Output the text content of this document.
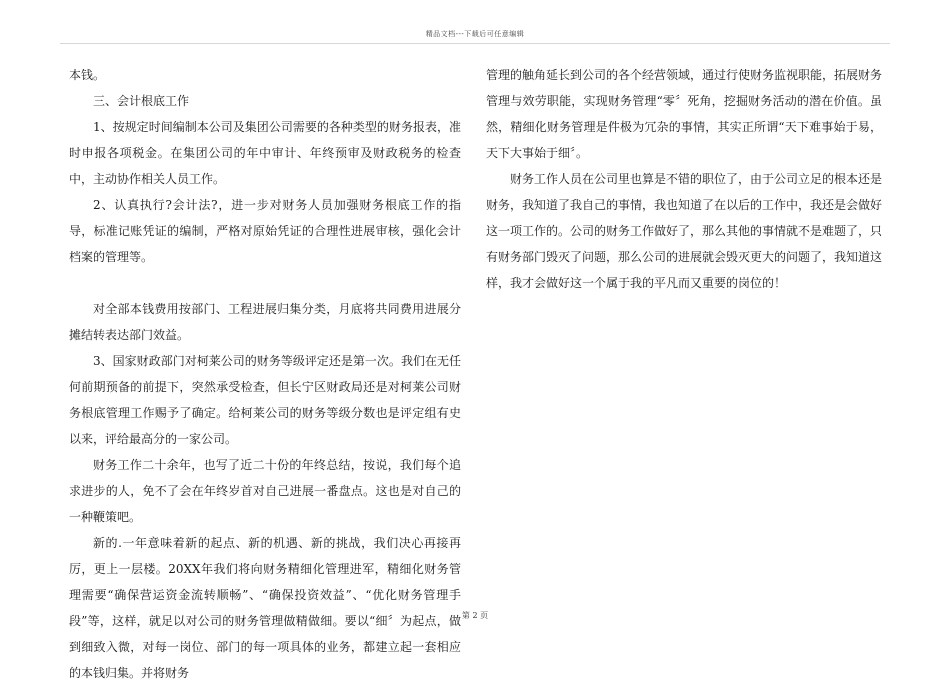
精品文档---下载后可任意编辑

本钱。

三、会计根底工作

1、按规定时间编制本公司及集团公司需要的各种类型的财务报表，准时申报各项税金。在集团公司的年中审计、年终预审及财政税务的检查中，主动协作相关人员工作。

2、认真执行?会计法?，进一步对财务人员加强财务根底工作的指导，标准记账凭证的编制，严格对原始凭证的合理性进展审核，强化会计档案的管理等。

对全部本钱费用按部门、工程进展归集分类，月底将共同费用进展分摊结转表达部门效益。

3、国家财政部门对柯莱公司的财务等级评定还是第一次。我们在无任何前期预备的前提下，突然承受检查，但长宁区财政局还是对柯莱公司财务根底管理工作赐予了确定。给柯莱公司的财务等级分数也是评定组有史以来，评给最高分的一家公司。

财务工作二十余年，也写了近二十份的年终总结，按说，我们每个追求进步的人，免不了会在年终岁首对自己进展一番盘点。这也是对自己的一种鞭策吧。

新的.一年意味着新的起点、新的机遇、新的挑战，我们决心再接再厉，更上一层楼。20XX年我们将向财务精细化管理进军，精细化财务管理需要“确保营运资金流转顺畅”、“确保投资效益”、“优化财务管理手段”等，这样，就足以对公司的财务管理做精做细。要以“细〞为起点，做到细致入微，对每一岗位、部门的每一项具体的业务，都建立起一套相应的本钱归集。并将财务

管理的触角延长到公司的各个经营领域，通过行使财务监视职能，拓展财务管理与效劳职能，实现财务管理“零〞死角，挖掘财务活动的潜在价值。虽然，精细化财务管理是件极为冗杂的事情，其实正所谓“天下难事始于易，天下大事始于细〞。

财务工作人员在公司里也算是不错的职位了，由于公司立足的根本还是财务，我知道了我自己的事情，我也知道了在以后的工作中，我还是会做好这一项工作的。公司的财务工作做好了，那么其他的事情就不是难题了，只有财务部门毁灭了问题，那么公司的进展就会毁灭更大的问题了，我知道这样，我才会做好这一个属于我的平凡而又重要的岗位的！

第 2 页
